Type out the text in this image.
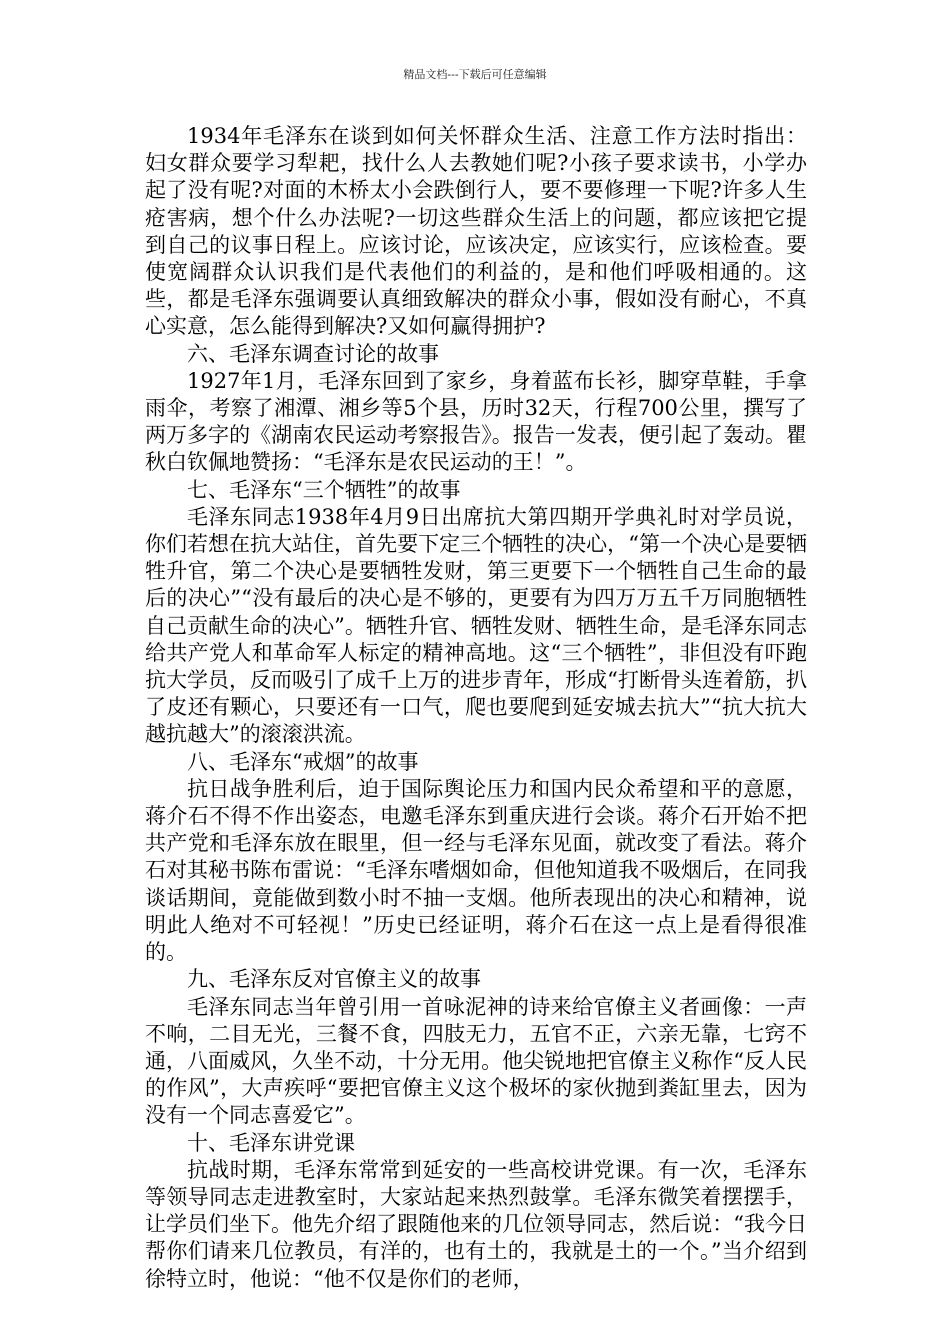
精品文档---下载后可任意编辑

1934年毛泽东在谈到如何关怀群众生活、注意工作方法时指出：妇女群众要学习犁耙，找什么人去教她们呢?小孩子要求读书，小学办起了没有呢?对面的木桥太小会跌倒行人，要不要修理一下呢?许多人生疮害病，想个什么办法呢?一切这些群众生活上的问题，都应该把它提到自己的议事日程上。应该讨论，应该决定，应该实行，应该检查。要使宽阔群众认识我们是代表他们的利益的，是和他们呼吸相通的。这些，都是毛泽东强调要认真细致解决的群众小事，假如没有耐心，不真心实意，怎么能得到解决?又如何赢得拥护?

六、毛泽东调查讨论的故事

1927年1月，毛泽东回到了家乡，身着蓝布长衫，脚穿草鞋，手拿雨伞，考察了湘潭、湘乡等5个县，历时32天，行程700公里，撰写了两万多字的《湖南农民运动考察报告》。报告一发表，便引起了轰动。瞿秋白钦佩地赞扬：“毛泽东是农民运动的王！”。

七、毛泽东“三个牺牲”的故事

毛泽东同志1938年4月9日出席抗大第四期开学典礼时对学员说，你们若想在抗大站住，首先要下定三个牺牲的决心，“第一个决心是要牺牲升官，第二个决心是要牺牲发财，第三更要下一个牺牲自己生命的最后的决心”“没有最后的决心是不够的，更要有为四万万五千万同胞牺牲自己贡献生命的决心”。牺牲升官、牺牲发财、牺牲生命，是毛泽东同志给共产党人和革命军人标定的精神高地。这“三个牺牲”，非但没有吓跑抗大学员，反而吸引了成千上万的进步青年，形成“打断骨头连着筋，扒了皮还有颗心，只要还有一口气，爬也要爬到延安城去抗大”“抗大抗大越抗越大”的滚滚洪流。

八、毛泽东“戒烟”的故事

抗日战争胜利后，迫于国际舆论压力和国内民众希望和平的意愿，蒋介石不得不作出姿态，电邀毛泽东到重庆进行会谈。蒋介石开始不把共产党和毛泽东放在眼里，但一经与毛泽东见面，就改变了看法。蒋介石对其秘书陈布雷说：“毛泽东嗜烟如命，但他知道我不吸烟后，在同我谈话期间，竟能做到数小时不抽一支烟。他所表现出的决心和精神，说明此人绝对不可轻视！”历史已经证明，蒋介石在这一点上是看得很准的。

九、毛泽东反对官僚主义的故事

毛泽东同志当年曾引用一首咏泥神的诗来给官僚主义者画像：一声不响，二目无光，三餐不食，四肢无力，五官不正，六亲无靠，七窍不通，八面威风，久坐不动，十分无用。他尖锐地把官僚主义称作“反人民的作风”，大声疾呼“要把官僚主义这个极坏的家伙抛到粪缸里去，因为没有一个同志喜爱它”。

十、毛泽东讲党课

抗战时期，毛泽东常常到延安的一些高校讲党课。有一次，毛泽东等领导同志走进教室时，大家站起来热烈鼓掌。毛泽东微笑着摆摆手，让学员们坐下。他先介绍了跟随他来的几位领导同志，然后说：“我今日帮你们请来几位教员，有洋的，也有土的，我就是土的一个。”当介绍到徐特立时，他说：“他不仅是你们的老师，
